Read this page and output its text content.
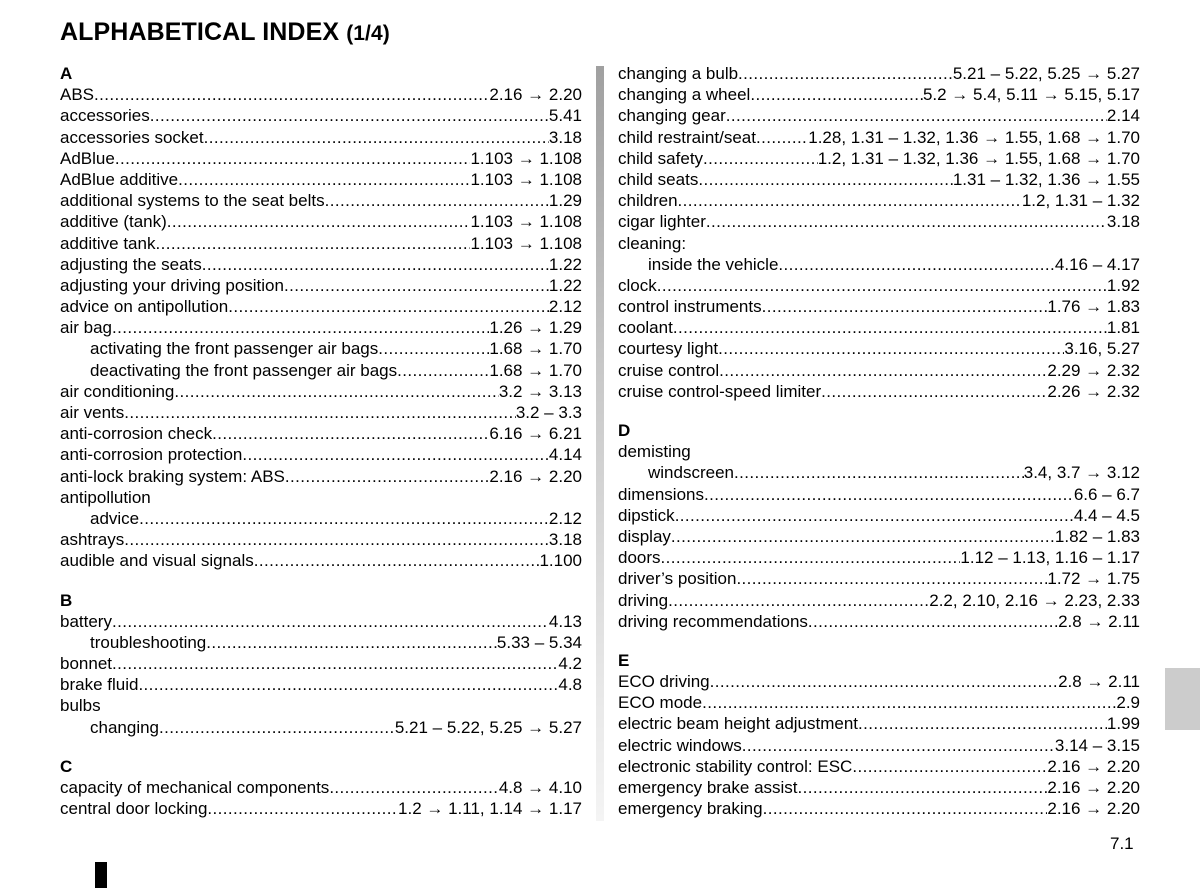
ALPHABETICAL INDEX (1/4)
A
ABS .....	2.16 → 2.20
accessories .....	5.41
accessories socket .....	3.18
AdBlue .....	1.103 → 1.108
AdBlue additive .....	1.103 → 1.108
additional systems to the seat belts .....	1.29
additive (tank) .....	1.103 → 1.108
additive tank .....	1.103 → 1.108
adjusting the seats .....	1.22
adjusting your driving position .....	1.22
advice on antipollution .....	2.12
air bag .....	1.26 → 1.29
activating the front passenger air bags .....	1.68 → 1.70
deactivating the front passenger air bags .....	1.68 → 1.70
air conditioning .....	3.2 → 3.13
air vents .....	3.2 – 3.3
anti-corrosion check .....	6.16 → 6.21
anti-corrosion protection .....	4.14
anti-lock braking system: ABS .....	2.16 → 2.20
antipollution
advice .....	2.12
ashtrays .....	3.18
audible and visual signals .....	1.100
B
battery .....	4.13
troubleshooting .....	5.33 – 5.34
bonnet .....	4.2
brake fluid .....	4.8
bulbs
changing .....	5.21 – 5.22, 5.25 → 5.27
C
capacity of mechanical components .....	4.8 → 4.10
central door locking .....	1.2 → 1.11, 1.14 → 1.17
changing a bulb .....	5.21 – 5.22, 5.25 → 5.27
changing a wheel .....	5.2 → 5.4, 5.11 → 5.15, 5.17
changing gear .....	2.14
child restraint/seat .....	1.28, 1.31 – 1.32, 1.36 → 1.55, 1.68 → 1.70
child safety .....	1.2, 1.31 – 1.32, 1.36 → 1.55, 1.68 → 1.70
child seats .....	1.31 – 1.32, 1.36 → 1.55
children .....	1.2, 1.31 – 1.32
cigar lighter .....	3.18
cleaning:
inside the vehicle .....	4.16 – 4.17
clock .....	1.92
control instruments .....	1.76 → 1.83
coolant .....	1.81
courtesy light .....	3.16, 5.27
cruise control .....	2.29 → 2.32
cruise control-speed limiter .....	2.26 → 2.32
D
demisting
windscreen .....	3.4, 3.7 → 3.12
dimensions .....	6.6 – 6.7
dipstick .....	4.4 – 4.5
display .....	1.82 – 1.83
doors .....	1.12 – 1.13, 1.16 – 1.17
driver’s position .....	1.72 → 1.75
driving .....	2.2, 2.10, 2.16 → 2.23, 2.33
driving recommendations .....	2.8 → 2.11
E
ECO driving .....	2.8 → 2.11
ECO mode .....	2.9
electric beam height adjustment .....	1.99
electric windows .....	3.14 – 3.15
electronic stability control: ESC .....	2.16 → 2.20
emergency brake assist .....	2.16 → 2.20
emergency braking .....	2.16 → 2.20
7.1
